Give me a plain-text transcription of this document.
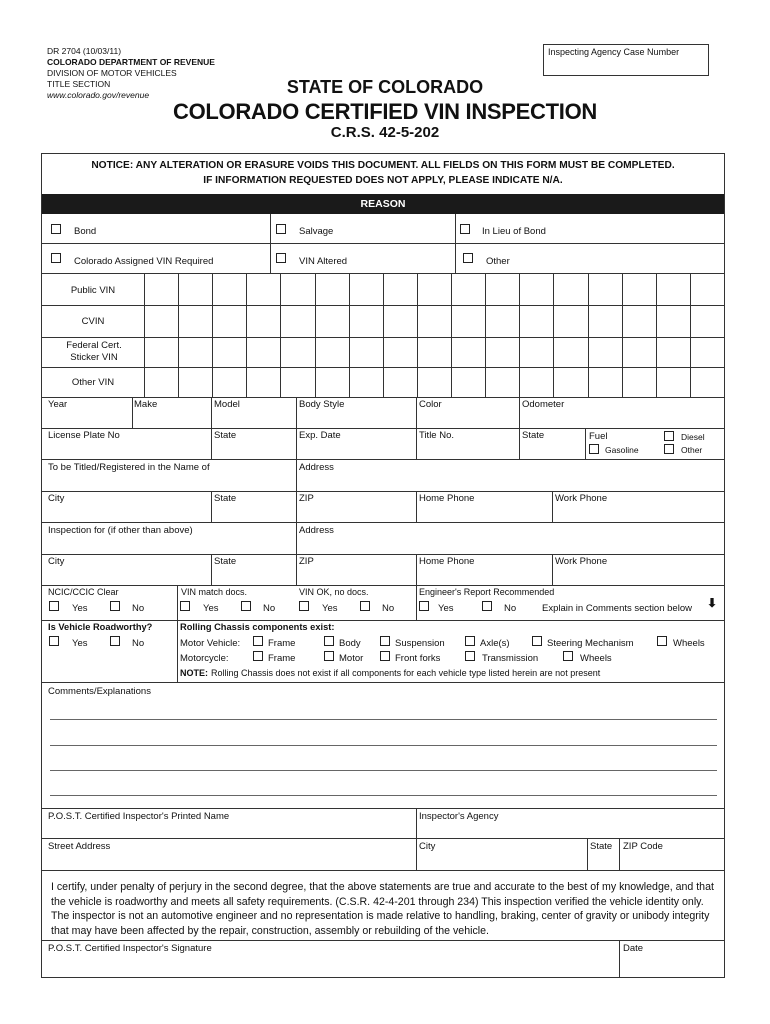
DR 2704 (10/03/11)
COLORADO DEPARTMENT OF REVENUE
DIVISION OF MOTOR VEHICLES
TITLE SECTION
www.colorado.gov/revenue
Inspecting Agency Case Number
STATE OF COLORADO
COLORADO CERTIFIED VIN INSPECTION
C.R.S. 42-5-202
NOTICE: ANY ALTERATION OR ERASURE VOIDS THIS DOCUMENT. ALL FIELDS ON THIS FORM MUST BE COMPLETED.
IF INFORMATION REQUESTED DOES NOT APPLY, PLEASE INDICATE N/A.
REASON
Bond	Salvage	In Lieu of Bond
Colorado Assigned VIN Required	VIN Altered	Other
Public VIN
CVIN
Federal Cert. Sticker VIN
Other VIN
Year	Make	Model	Body Style	Color	Odometer
License Plate No	State	Exp. Date	Title No.	State	Fuel	Diesel
Gasoline	Other
To be Titled/Registered in the Name of	Address
City	State	ZIP	Home Phone	Work Phone
Inspection for (if other than above)	Address
City	State	ZIP	Home Phone	Work Phone
NCIC/CCIC Clear	VIN match docs.	VIN OK, no docs.	Engineer's Report Recommended
Yes	No	Yes	No	Yes	No	Yes	No	Explain in Comments section below ⬇
Is Vehicle Roadworthy?
Yes	No
Rolling Chassis components exist:
Motor Vehicle:	Frame	Body	Suspension	Axle(s)	Steering Mechanism	Wheels
Motorcycle:	Frame	Motor	Front forks	Transmission	Wheels
NOTE: Rolling Chassis does not exist if all components for each vehicle type listed herein are not present
Comments/Explanations
P.O.S.T. Certified Inspector's Printed Name	Inspector's Agency
Street Address	City	State ZIP Code
I certify, under penalty of perjury in the second degree, that the above statements are true and accurate to the best of my knowledge, and that the vehicle is roadworthy and meets all safety requirements. (C.S.R. 42-4-201 through 234) This inspection verified the vehicle identity only. The inspector is not an automotive engineer and no representation is made relative to handling, braking, center of gravity or unibody integrity that may have been affected by the repair, construction, assembly or rebuilding of the vehicle.
P.O.S.T. Certified Inspector's Signature	Date
